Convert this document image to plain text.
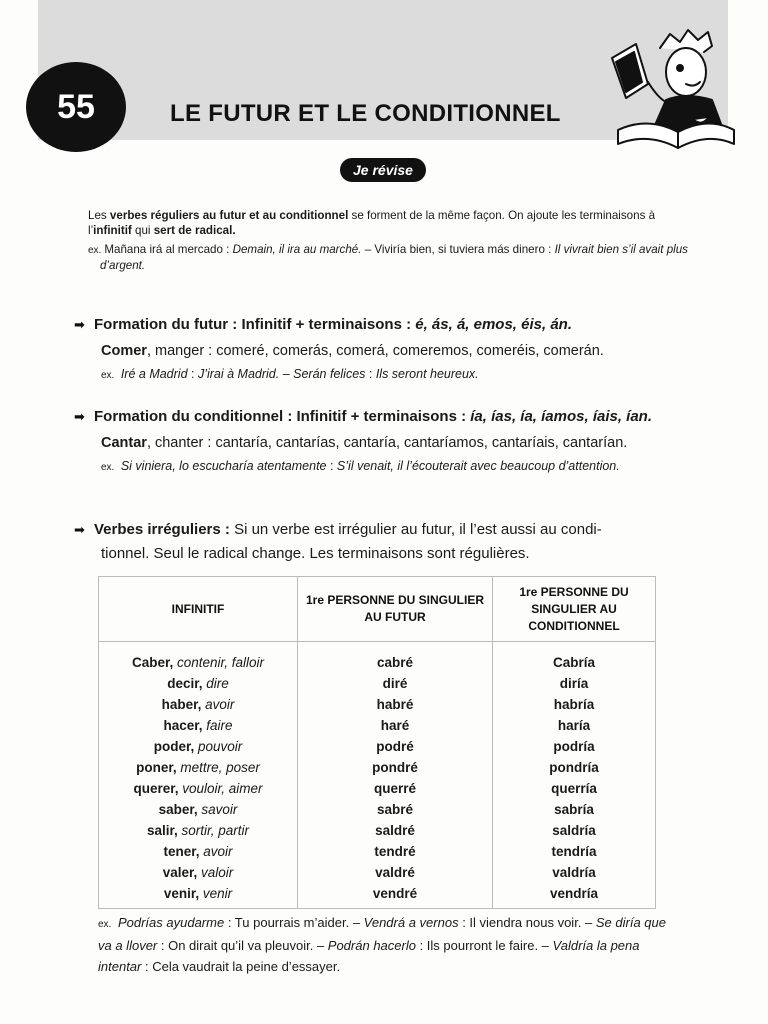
55	LE FUTUR ET LE CONDITIONNEL
Je révise
Les verbes réguliers au futur et au conditionnel se forment de la même façon. On ajoute les terminaisons à l’infinitif qui sert de radical.
ex. Mañana irá al mercado : Demain, il ira au marché. – Viviría bien, si tuviera más dinero : Il vivrait bien s’il avait plus d’argent.
➡ Formation du futur : Infinitif + terminaisons : é, ás, á, emos, éis, án.
Comer, manger : comeré, comerás, comerá, comeremos, comeréis, comerán.
ex. Iré a Madrid : J’irai à Madrid. – Serán felices : Ils seront heureux.
➡ Formation du conditionnel : Infinitif + terminaisons : ía, ías, ía, íamos, íais, ían.
Cantar, chanter : cantaría, cantarías, cantaría, cantaríamos, cantaríais, cantarían.
ex. Si viniera, lo escucharía atentamente : S’il venait, il l’écouterait avec beaucoup d’attention.
➡ Verbes irréguliers : Si un verbe est irrégulier au futur, il l’est aussi au condi-
tionnel. Seul le radical change. Les terminaisons sont régulières.
INFINITIF	1re PERSONNE DU SINGULIER AU FUTUR	1re PERSONNE DU SINGULIER AU CONDITIONNEL
Caber, contenir, falloir	cabré	Cabría
decir, dire	diré	diría
haber, avoir	habré	habría
hacer, faire	haré	haría
poder, pouvoir	podré	podría
poner, mettre, poser	pondré	pondría
querer, vouloir, aimer	querré	querría
saber, savoir	sabré	sabría
salir, sortir, partir	saldré	saldría
tener, avoir	tendré	tendría
valer, valoir	valdré	valdría
venir, venir	vendré	vendría
ex. Podrías ayudarme : Tu pourrais m’aider. – Vendrá a vernos : Il viendra nous voir. – Se diría que va a llover : On dirait qu’il va pleuvoir. – Podrán hacerlo : Ils pourront le faire. – Valdría la pena intentar : Cela vaudrait la peine d’essayer.
